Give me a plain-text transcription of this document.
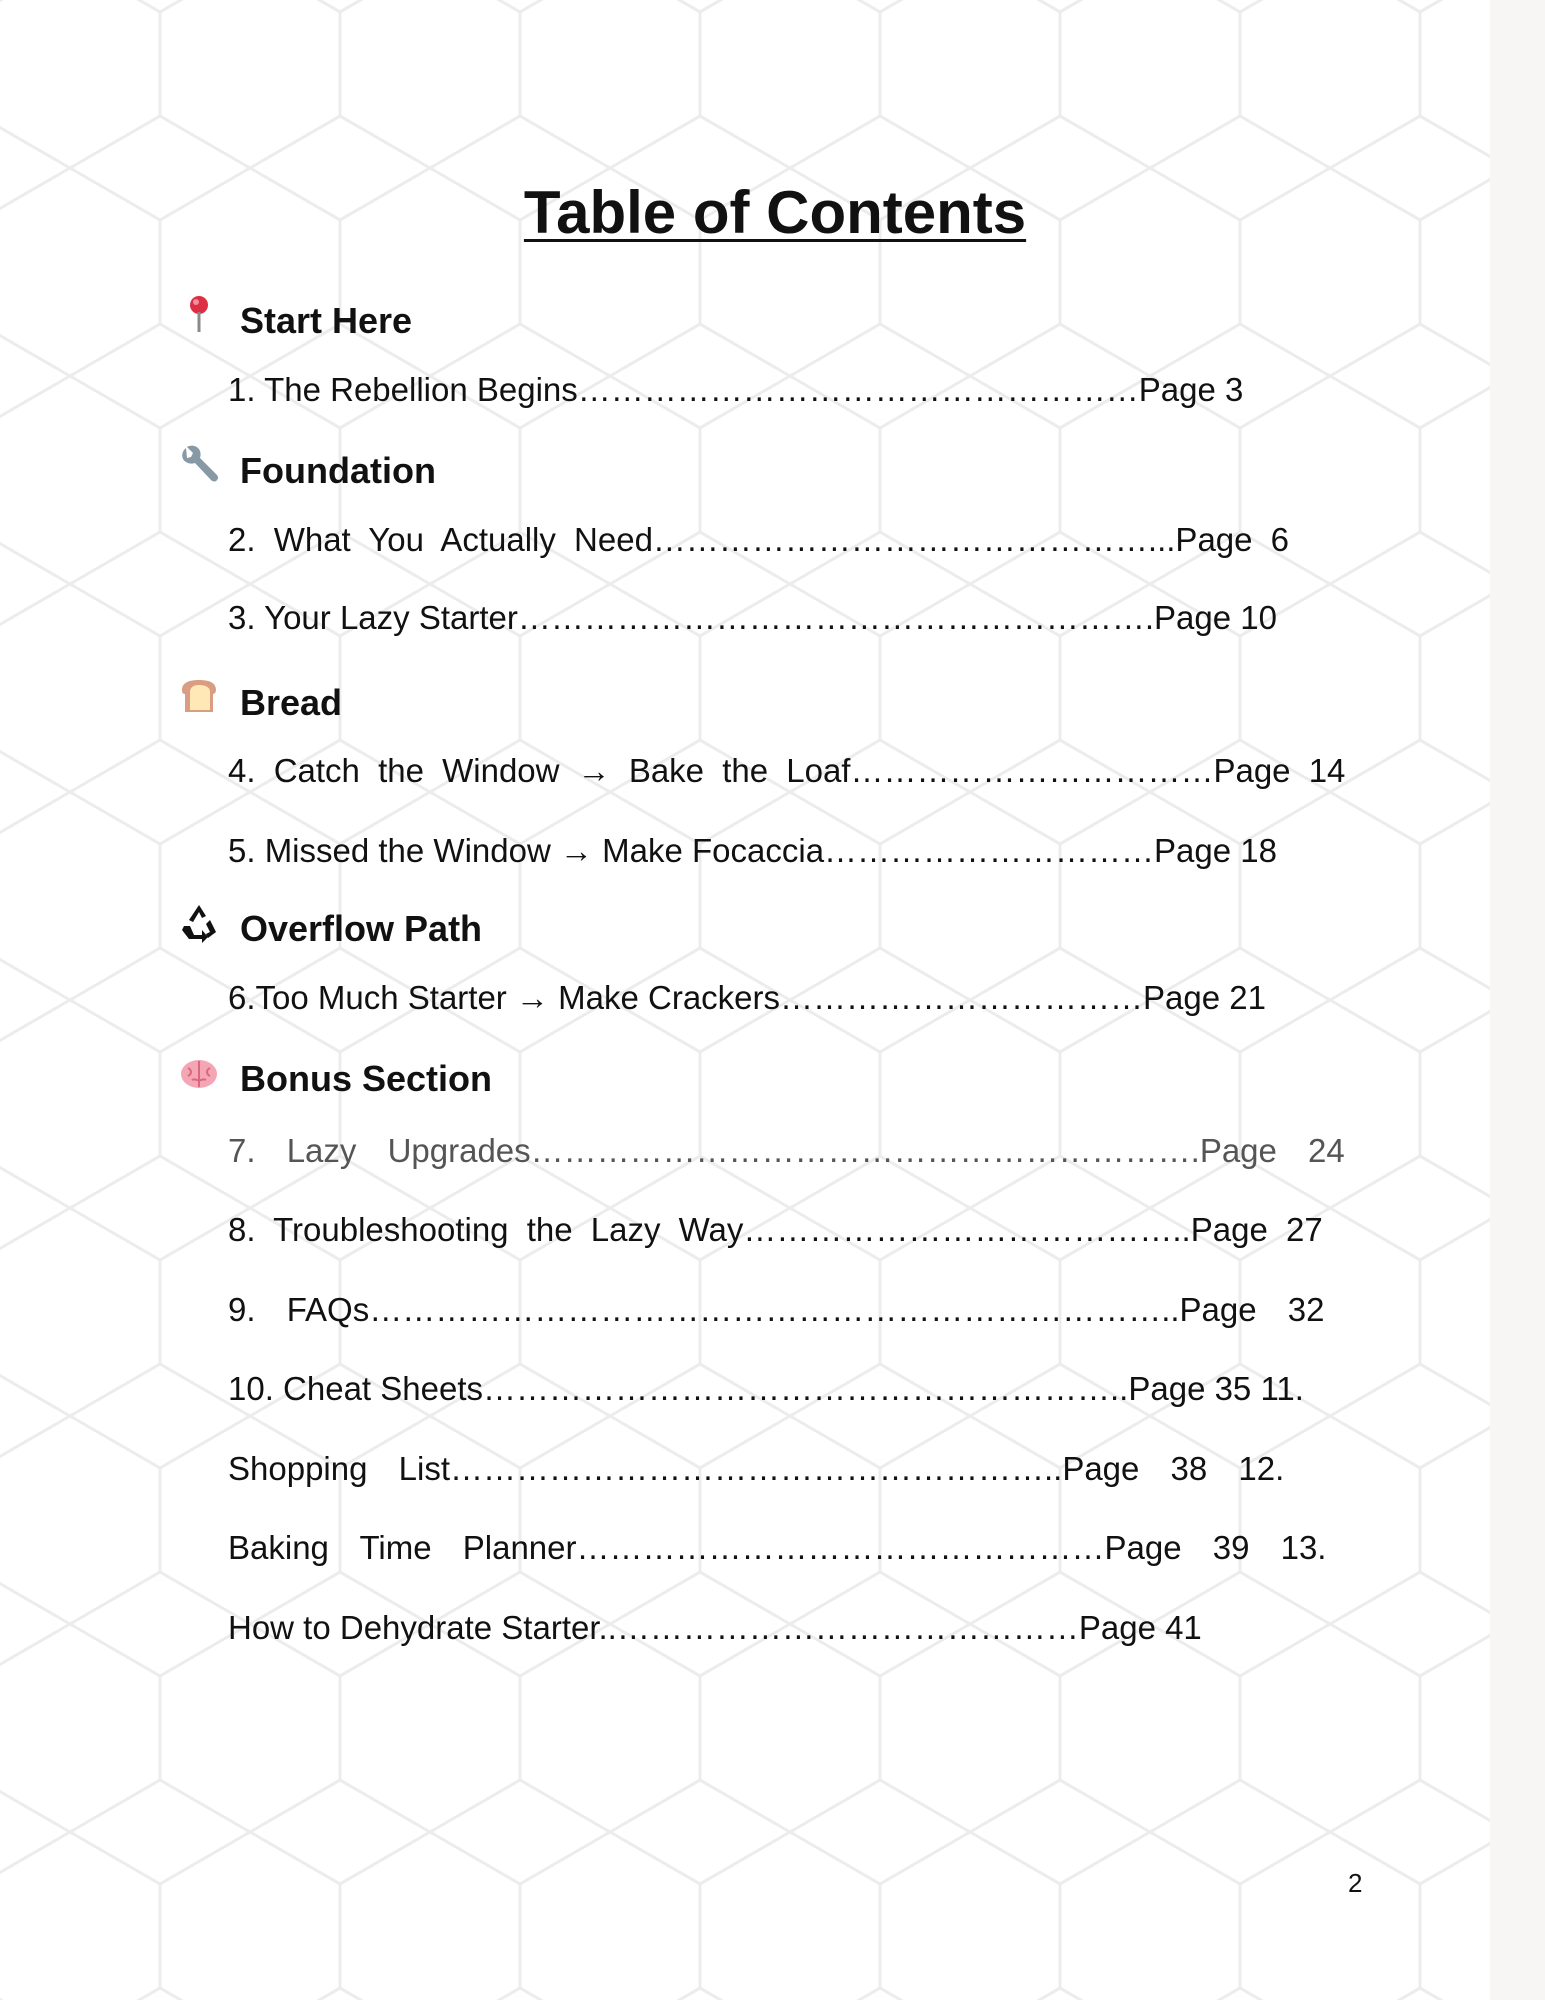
Table of Contents
Start Here
1. The Rebellion Begins……………………………………………Page 3
Foundation
2. What You Actually Need………………………………………...Page 6
3. Your Lazy Starter………………………………………………….Page 10
Bread
4. Catch the Window → Bake the Loaf……………………………Page 14
5. Missed the Window → Make Focaccia…………………………Page 18
Overflow Path
6.Too Much Starter → Make Crackers……………………………Page 21
Bonus Section
7. Lazy Upgrades…………………………………………………….Page 24
8. Troubleshooting the Lazy Way…………………………………..Page 27
9. FAQs………………………………………………………………..Page 32
10. Cheat Sheets…………………………………………………..Page 35 11.
Shopping List………………………………………………..Page 38 12.
Baking Time Planner…………………………………………Page 39 13.
How to Dehydrate Starter..……………………………………Page 41
2
